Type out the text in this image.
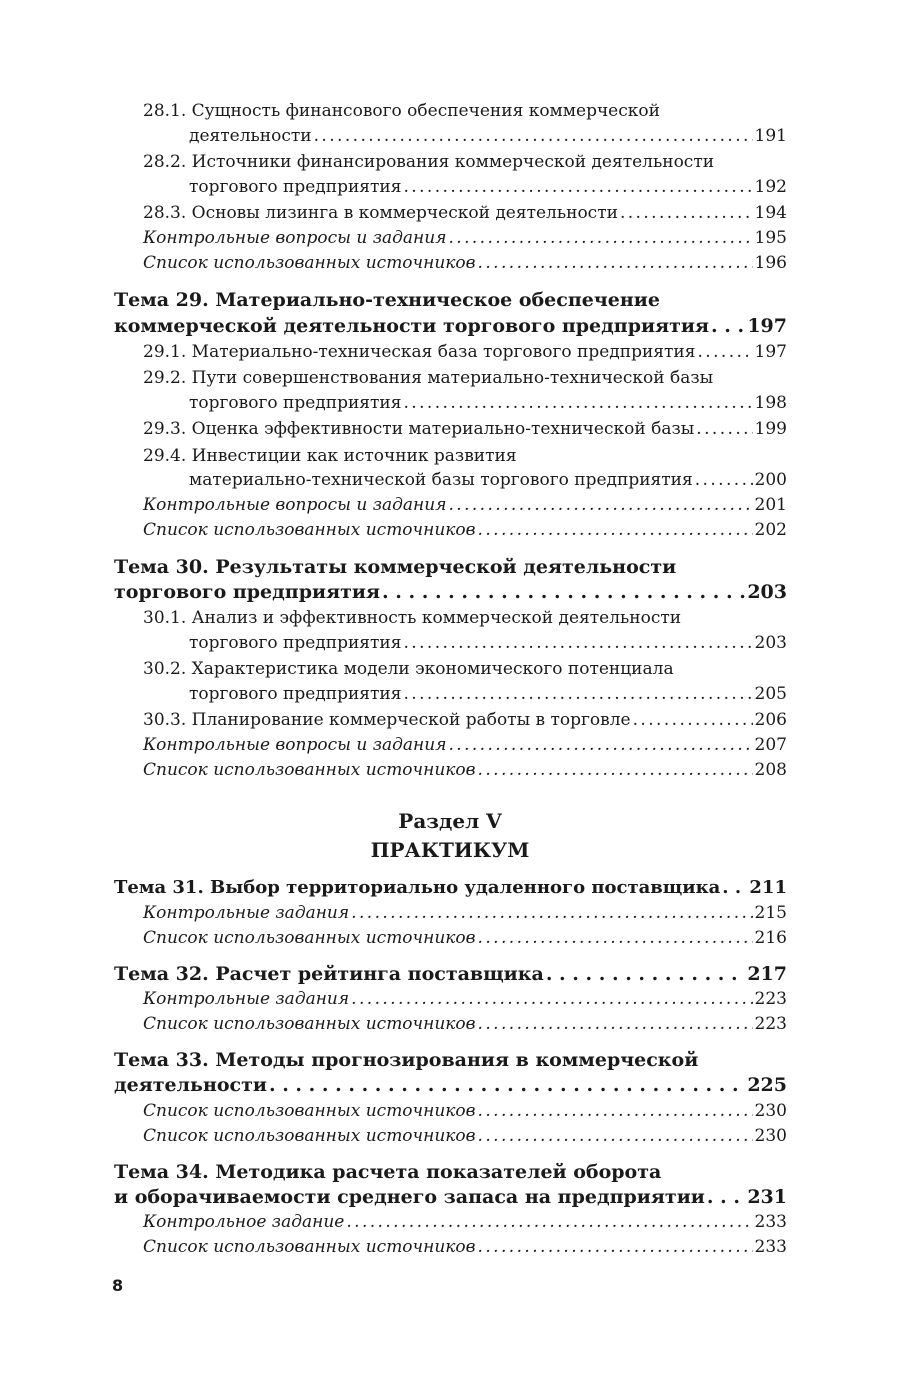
28.1. Сущность финансового обеспечения коммерческой
деятельности . . .	191
28.2. Источники финансирования коммерческой деятельности
торгового предприятия . . .	192
28.3. Основы лизинга в коммерческой деятельности . . .	194
Контрольные вопросы и задания . . .	195
Список использованных источников . . .	196
Тема 29. Материально-техническое обеспечение
коммерческой деятельности торгового предприятия . . . 197
29.1. Материально-техническая база торгового предприятия . . .	197
29.2. Пути совершенствования материально-технической базы
торгового предприятия . . .	198
29.3. Оценка эффективности материально-технической базы . . .	199
29.4. Инвестиции как источник развития
материально-технической базы торгового предприятия . . .	200
Контрольные вопросы и задания . . .	201
Список использованных источников . . .	202
Тема 30. Результаты коммерческой деятельности
торгового предприятия . . .	203
30.1. Анализ и эффективность коммерческой деятельности
торгового предприятия . . .	203
30.2. Характеристика модели экономического потенциала
торгового предприятия . . .	205
30.3. Планирование коммерческой работы в торговле . . .	206
Контрольные вопросы и задания . . .	207
Список использованных источников . . .	208
Раздел V
ПРАКТИКУМ
Тема 31. Выбор территориально удаленного поставщика . . . 211
Контрольные задания . . .	215
Список использованных источников . . .	216
Тема 32. Расчет рейтинга поставщика . . .	217
Контрольные задания . . .	223
Список использованных источников . . .	223
Тема 33. Методы прогнозирования в коммерческой
деятельности . . .	225
Список использованных источников . . .	230
Список использованных источников . . .	230
Тема 34. Методика расчета показателей оборота
и оборачиваемости среднего запаса на предприятии . . . 231
Контрольное задание . . .	233
Список использованных источников . . .	233
8
